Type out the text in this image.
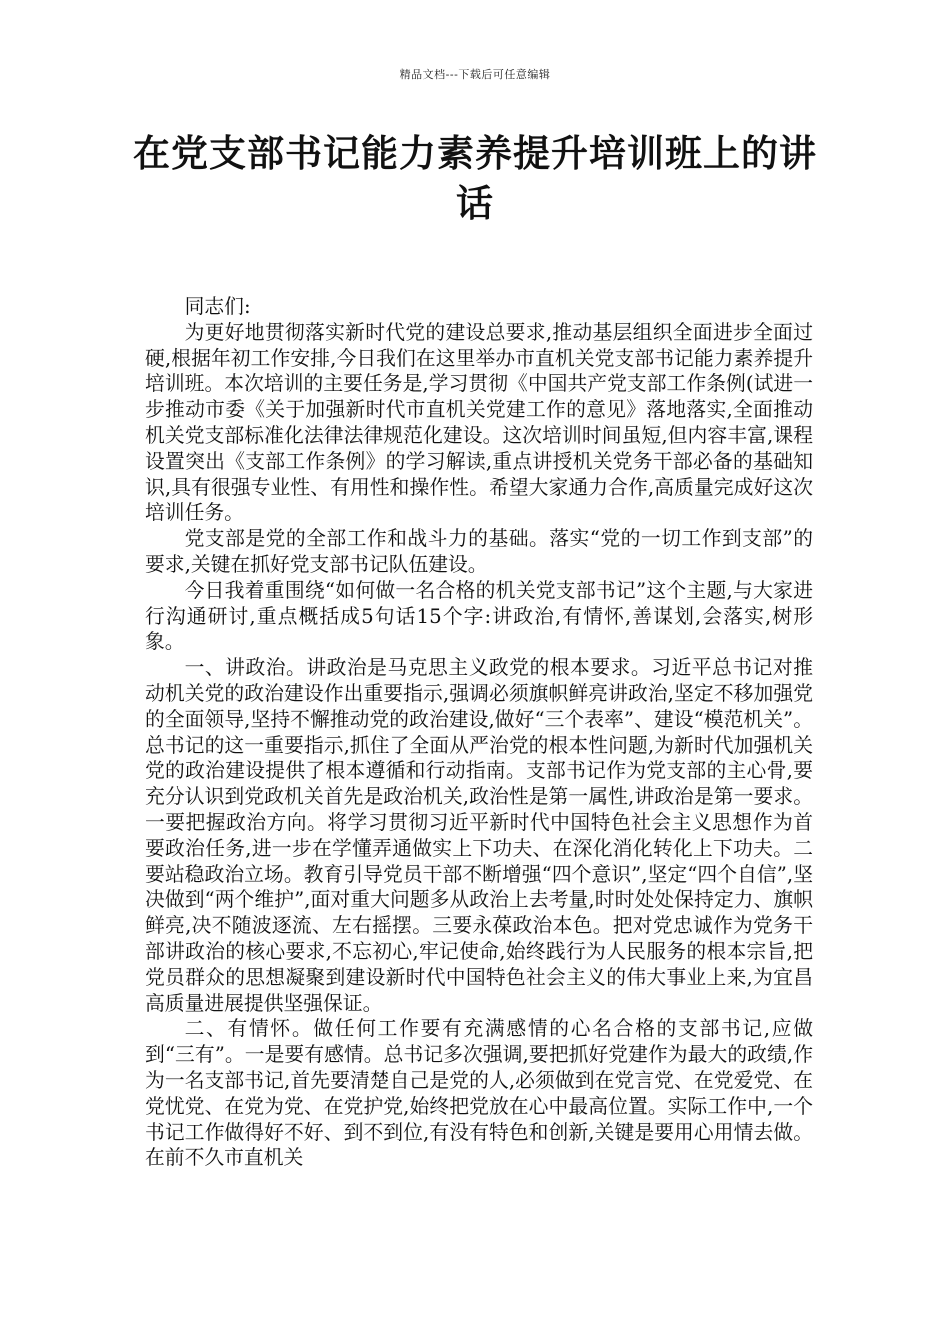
精品文档---下载后可任意编辑
在党支部书记能力素养提升培训班上的讲话

同志们:

为更好地贯彻落实新时代党的建设总要求,推动基层组织全面进步全面过硬,根据年初工作安排,今日我们在这里举办市直机关党支部书记能力素养提升培训班。本次培训的主要任务是,学习贯彻《中国共产党支部工作条例(试进一步推动市委《关于加强新时代市直机关党建工作的意见》落地落实,全面推动机关党支部标准化法律法律规范化建设。这次培训时间虽短,但内容丰富,课程设置突出《支部工作条例》的学习解读,重点讲授机关党务干部必备的基础知识,具有很强专业性、有用性和操作性。希望大家通力合作,高质量完成好这次培训任务。

党支部是党的全部工作和战斗力的基础。落实“党的一切工作到支部”的要求,关键在抓好党支部书记队伍建设。

今日我着重围绕“如何做一名合格的机关党支部书记”这个主题,与大家进行沟通研讨,重点概括成5句话15个字:讲政治,有情怀,善谋划,会落实,树形象。

一、讲政治。讲政治是马克思主义政党的根本要求。习近平总书记对推动机关党的政治建设作出重要指示,强调必须旗帜鲜亮讲政治,坚定不移加强党的全面领导,坚持不懈推动党的政治建设,做好“三个表率”、建设“模范机关”。总书记的这一重要指示,抓住了全面从严治党的根本性问题,为新时代加强机关党的政治建设提供了根本遵循和行动指南。支部书记作为党支部的主心骨,要充分认识到党政机关首先是政治机关,政治性是第一属性,讲政治是第一要求。一要把握政治方向。将学习贯彻习近平新时代中国特色社会主义思想作为首要政治任务,进一步在学懂弄通做实上下功夫、在深化消化转化上下功夫。二要站稳政治立场。教育引导党员干部不断增强“四个意识”,坚定“四个自信”,坚决做到“两个维护”,面对重大问题多从政治上去考量,时时处处保持定力、旗帜鲜亮,决不随波逐流、左右摇摆。三要永葆政治本色。把对党忠诚作为党务干部讲政治的核心要求,不忘初心,牢记使命,始终践行为人民服务的根本宗旨,把党员群众的思想凝聚到建设新时代中国特色社会主义的伟大事业上来,为宜昌高质量进展提供坚强保证。

二、有情怀。做任何工作要有充满感情的心名合格的支部书记,应做到“三有”。一是要有感情。总书记多次强调,要把抓好党建作为最大的政绩,作为一名支部书记,首先要清楚自己是党的人,必须做到在党言党、在党爱党、在党忧党、在党为党、在党护党,始终把党放在心中最高位置。实际工作中,一个书记工作做得好不好、到不到位,有没有特色和创新,关键是要用心用情去做。在前不久市直机关
